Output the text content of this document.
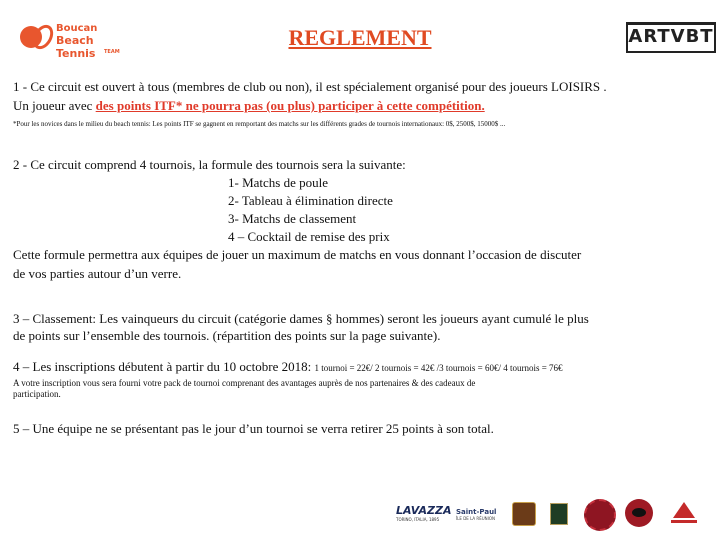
Boucan
Beach Tennis	TEAM
REGLEMENT	ARTVBT
1 - Ce circuit est ouvert à tous (membres de club ou non), il est spécialement organisé pour des joueurs LOISIRS .
Un joueur avec des points ITF* ne pourra pas (ou plus) participer à cette compétition.
*Pour les novices dans le milieu du beach tennis: Les points ITF se gagnent en remportant des matchs sur les différents grades de tournois internationaux: 0$, 2500$, 15000$ ...
2 - Ce circuit comprend 4 tournois, la formule des tournois sera la suivante:
1- Matchs de poule
2- Tableau à élimination directe
3- Matchs de classement
4 – Cocktail de remise des prix
Cette formule permettra aux équipes de jouer un maximum de matchs en vous donnant l’occasion de discuter
de vos parties autour d’un verre.
3 – Classement: Les vainqueurs du circuit (catégorie dames § hommes) seront les joueurs ayant cumulé le plus
de points sur l’ensemble des tournois. (répartition des points sur la page suivante).
4 – Les inscriptions débutent à partir du 10 octobre 2018: 1 tournoi = 22€/ 2 tournois = 42€ /3 tournois = 60€/ 4 tournois = 76€
A votre inscription vous sera fourni votre pack de tournoi comprenant des avantages auprès de nos partenaires & des cadeaux de
participation.
5 – Une équipe ne se présentant pas le jour d’un tournoi se verra retirer 25 points à son total.
LAVAZZA
TORINO, ITALIA, 1895
Saint-Paul
ÎLE DE LA RÉUNION
